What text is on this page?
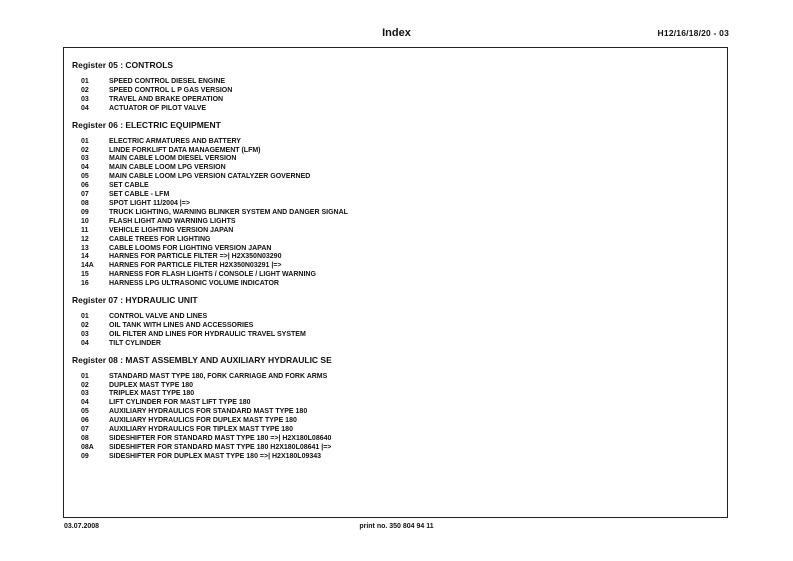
Index	H12/16/18/20 - 03
Register 05 : CONTROLS
01	SPEED CONTROL DIESEL ENGINE
02	SPEED CONTROL L P GAS VERSION
03	TRAVEL AND BRAKE OPERATION
04	ACTUATOR OF PILOT VALVE
Register 06 : ELECTRIC EQUIPMENT
01	ELECTRIC ARMATURES AND BATTERY
02	LINDE FORKLIFT DATA MANAGEMENT (LFM)
03	MAIN CABLE LOOM DIESEL VERSION
04	MAIN CABLE LOOM LPG VERSION
05	MAIN CABLE LOOM LPG VERSION CATALYZER GOVERNED
06	SET CABLE
07	SET CABLE - LFM
08	SPOT LIGHT 11/2004 |=>
09	TRUCK LIGHTING, WARNING BLINKER SYSTEM AND DANGER SIGNAL
10	FLASH LIGHT AND WARNING LIGHTS
11	VEHICLE LIGHTING VERSION JAPAN
12	CABLE TREES FOR LIGHTING
13	CABLE LOOMS FOR LIGHTING VERSION JAPAN
14	HARNES FOR PARTICLE FILTER =>| H2X350N03290
14A	HARNES FOR PARTICLE FILTER H2X350N03291 |=>
15	HARNESS FOR FLASH LIGHTS / CONSOLE / LIGHT WARNING
16	HARNESS LPG ULTRASONIC VOLUME INDICATOR
Register 07 : HYDRAULIC UNIT
01	CONTROL VALVE AND LINES
02	OIL TANK WITH LINES AND ACCESSORIES
03	OIL FILTER AND LINES FOR HYDRAULIC TRAVEL SYSTEM
04	TILT CYLINDER
Register 08 : MAST ASSEMBLY AND AUXILIARY HYDRAULIC SE
01	STANDARD MAST TYPE 180, FORK CARRIAGE AND FORK ARMS
02	DUPLEX MAST TYPE 180
03	TRIPLEX MAST TYPE 180
04	LIFT CYLINDER FOR MAST LIFT TYPE 180
05	AUXILIARY HYDRAULICS FOR STANDARD MAST TYPE 180
06	AUXILIARY HYDRAULICS FOR DUPLEX MAST TYPE 180
07	AUXILIARY HYDRAULICS FOR TIPLEX MAST TYPE 180
08	SIDESHIFTER FOR STANDARD MAST TYPE 180 =>| H2X180L08640
08A	SIDESHIFTER FOR STANDARD MAST TYPE 180 H2X180L08641 |=>
09	SIDESHIFTER FOR DUPLEX MAST TYPE 180 =>| H2X180L09343
03.07.2008	print no. 350 804 94 11
